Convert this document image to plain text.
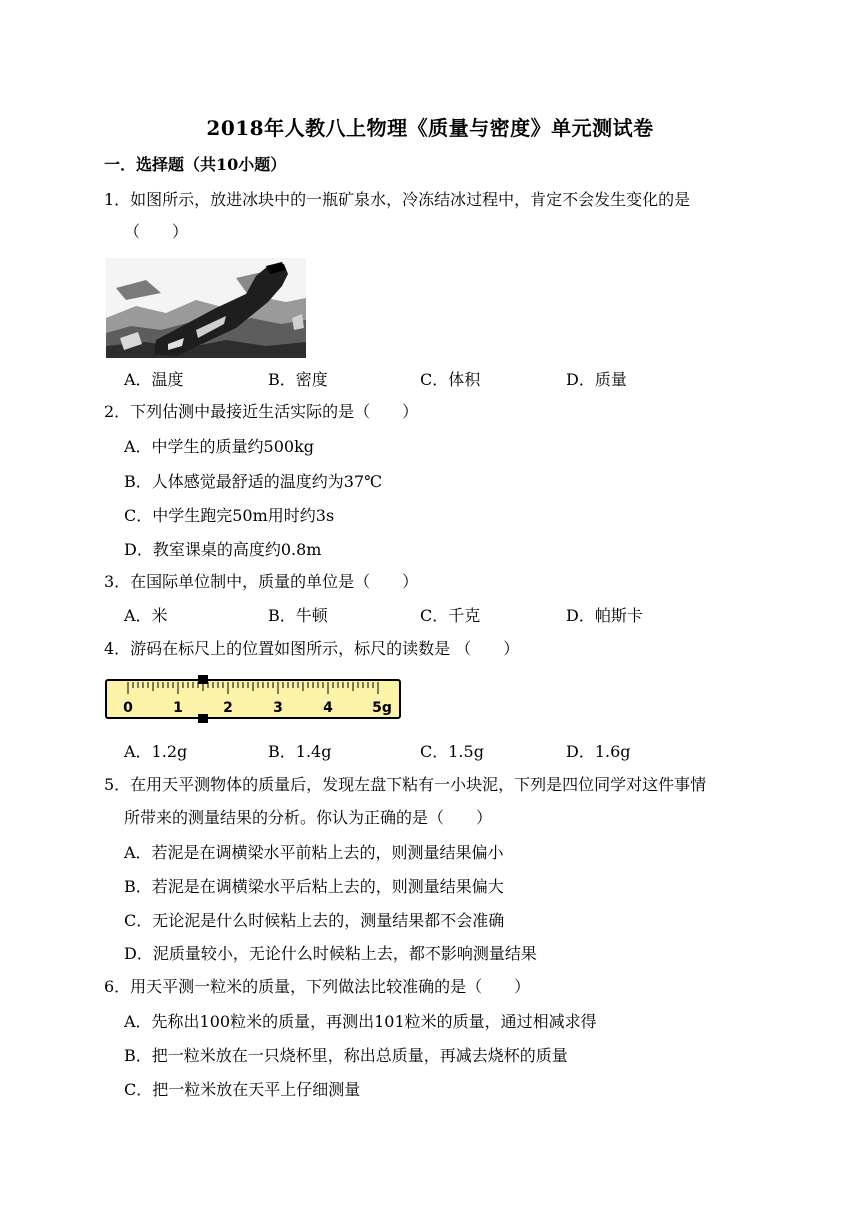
2018年人教八上物理《质量与密度》单元测试卷
一．选择题（共10小题）
1．如图所示，放进冰块中的一瓶矿泉水，冷冻结冰过程中，肯定不会发生变化的是
（　　）
A．温度	B．密度	C．体积	D．质量
2．下列估测中最接近生活实际的是（　　）
A．中学生的质量约500kg
B．人体感觉最舒适的温度约为37℃
C．中学生跑完50m用时约3s
D．教室课桌的高度约0.8m
3．在国际单位制中，质量的单位是（　　）
A．米	B．牛顿	C．千克	D．帕斯卡
4．游码在标尺上的位置如图所示，标尺的读数是 （　　）
0	1	2	3	4	5g
A．1.2g	B．1.4g	C．1.5g	D．1.6g
5．在用天平测物体的质量后，发现左盘下粘有一小块泥，下列是四位同学对这件事情
所带来的测量结果的分析。你认为正确的是（　　）
A．若泥是在调横梁水平前粘上去的，则测量结果偏小
B．若泥是在调横梁水平后粘上去的，则测量结果偏大
C．无论泥是什么时候粘上去的，测量结果都不会准确
D．泥质量较小，无论什么时候粘上去，都不影响测量结果
6．用天平测一粒米的质量，下列做法比较准确的是（　　）
A．先称出100粒米的质量，再测出101粒米的质量，通过相减求得
B．把一粒米放在一只烧杯里，称出总质量，再减去烧杯的质量
C．把一粒米放在天平上仔细测量
